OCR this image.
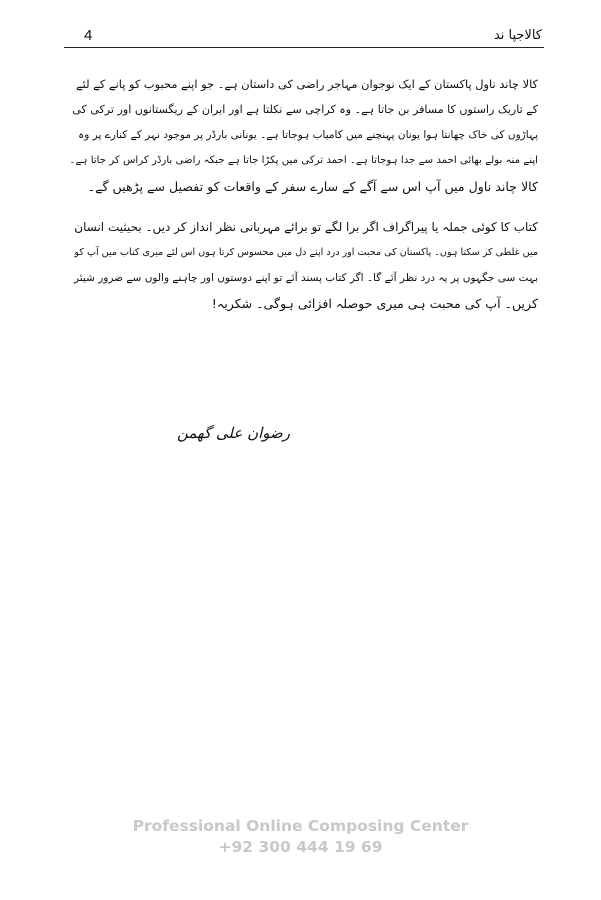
4	کالاجپا ند

کالا چاند ناول پاکستان کے ایک نوجوان مہاجر راضی کی داستان ہے۔ جو اپنے محبوب کو پانے کے لئے
کے تاریک راستوں کا مسافر بن جاتا ہے۔ وہ کراچی سے نکلتا ہے اور ایران کے ریگستانوں اور ترکی کی
پہاڑوں کی خاک چھانتا ہوا یونان پہنچنے میں کامیاب ہوجاتا ہے۔ یونانی بارڈر پر موجود نہر کے کنارے پر وہ
اپنے منہ بولے بھائی احمد سے جدا ہوجاتا ہے۔ احمد ترکی میں پکڑا جاتا ہے جبکہ راضی بارڈر کراس کر جاتا ہے۔
کالا چاند ناول میں آپ اس سے آگے کے سارے سفر کے واقعات کو تفصیل سے پڑھیں گے۔

کتاب کا کوئی جملہ یا پیراگراف اگر برا لگے تو برائے مہربانی نظر انداز کر دیں۔ بحیثیت انسان
میں غلطی کر سکتا ہوں۔ پاکستان کی محبت اور درد اپنے دل میں محسوس کرتا ہوں اس لئے میری کتاب میں آپ کو
بہت سی جگہوں پر یہ درد نظر آئے گا۔ اگر کتاب پسند آئے تو اپنے دوستوں اور چاہنے والوں سے ضرور شیئر
کریں۔ آپ کی محبت ہی میری حوصلہ افزائی ہوگی۔ شکریہ!

رضوان علی گھمن
Professional Online Composing Center
+92 300 444 19 69
